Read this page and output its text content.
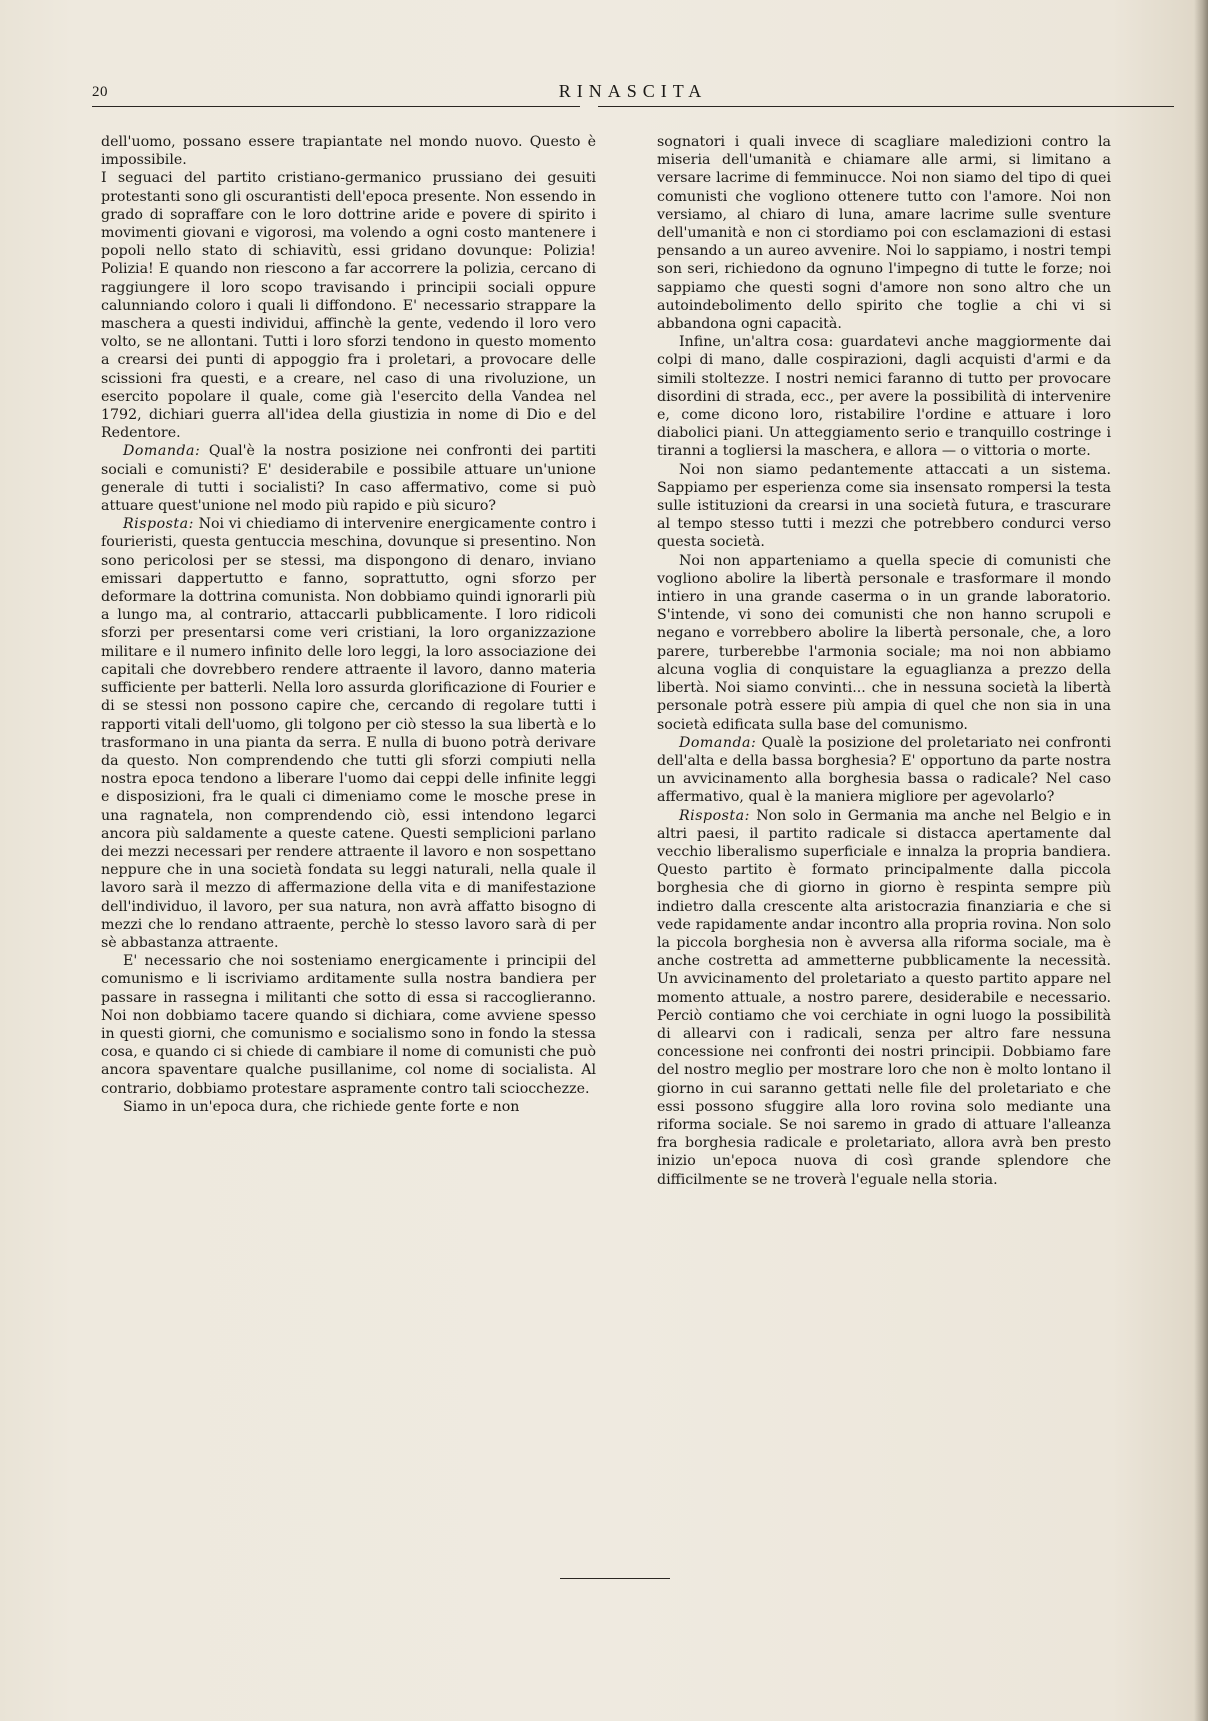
20	RINASCITA

dell'uomo, possano essere trapiantate nel mondo nuovo. Questo è impossibile.

I seguaci del partito cristiano-germanico prussiano dei gesuiti protestanti sono gli oscurantisti dell'epoca presente. Non essendo in grado di sopraffare con le loro dottrine aride e povere di spirito i movimenti giovani e vigorosi, ma volendo a ogni costo mantenere i popoli nello stato di schiavitù, essi gridano dovunque: Polizia! Polizia! E quando non riescono a far accorrere la polizia, cercano di raggiungere il loro scopo travisando i principii sociali oppure calunniando coloro i quali li diffondono. E' necessario strappare la maschera a questi individui, affinchè la gente, vedendo il loro vero volto, se ne allontani. Tutti i loro sforzi tendono in questo momento a crearsi dei punti di appoggio fra i proletari, a provocare delle scissioni fra questi, e a creare, nel caso di una rivoluzione, un esercito popolare il quale, come già l'esercito della Vandea nel 1792, dichiari guerra all'idea della giustizia in nome di Dio e del Redentore.

Domanda: Qual'è la nostra posizione nei confronti dei partiti sociali e comunisti? E' desiderabile e possibile attuare un'unione generale di tutti i socialisti? In caso affermativo, come si può attuare quest'unione nel modo più rapido e più sicuro?

Risposta: Noi vi chiediamo di intervenire energicamente contro i fourieristi, questa gentuccia meschina, dovunque si presentino. Non sono pericolosi per se stessi, ma dispongono di denaro, inviano emissari dappertutto e fanno, soprattutto, ogni sforzo per deformare la dottrina comunista. Non dobbiamo quindi ignorarli più a lungo ma, al contrario, attaccarli pubblicamente. I loro ridicoli sforzi per presentarsi come veri cristiani, la loro organizzazione militare e il numero infinito delle loro leggi, la loro associazione dei capitali che dovrebbero rendere attraente il lavoro, danno materia sufficiente per batterli. Nella loro assurda glorificazione di Fourier e di se stessi non possono capire che, cercando di regolare tutti i rapporti vitali dell'uomo, gli tolgono per ciò stesso la sua libertà e lo trasformano in una pianta da serra. E nulla di buono potrà derivare da questo. Non comprendendo che tutti gli sforzi compiuti nella nostra epoca tendono a liberare l'uomo dai ceppi delle infinite leggi e disposizioni, fra le quali ci dimeniamo come le mosche prese in una ragnatela, non comprendendo ciò, essi intendono legarci ancora più saldamente a queste catene. Questi semplicioni parlano dei mezzi necessari per rendere attraente il lavoro e non sospettano neppure che in una società fondata su leggi naturali, nella quale il lavoro sarà il mezzo di affermazione della vita e di manifestazione dell'individuo, il lavoro, per sua natura, non avrà affatto bisogno di mezzi che lo rendano attraente, perchè lo stesso lavoro sarà di per sè abbastanza attraente.

E' necessario che noi sosteniamo energicamente i principii del comunismo e li iscriviamo arditamente sulla nostra bandiera per passare in rassegna i militanti che sotto di essa si raccoglieranno. Noi non dobbiamo tacere quando si dichiara, come avviene spesso in questi giorni, che comunismo e socialismo sono in fondo la stessa cosa, e quando ci si chiede di cambiare il nome di comunisti che può ancora spaventare qualche pusillanime, col nome di socialista. Al contrario, dobbiamo protestare aspramente contro tali sciocchezze.

Siamo in un'epoca dura, che richiede gente forte e non

sognatori i quali invece di scagliare maledizioni contro la miseria dell'umanità e chiamare alle armi, si limitano a versare lacrime di femminucce. Noi non siamo del tipo di quei comunisti che vogliono ottenere tutto con l'amore. Noi non versiamo, al chiaro di luna, amare lacrime sulle sventure dell'umanità e non ci stordiamo poi con esclamazioni di estasi pensando a un aureo avvenire. Noi lo sappiamo, i nostri tempi son seri, richiedono da ognuno l'impegno di tutte le forze; noi sappiamo che questi sogni d'amore non sono altro che un autoindebolimento dello spirito che toglie a chi vi si abbandona ogni capacità.

Infine, un'altra cosa: guardatevi anche maggiormente dai colpi di mano, dalle cospirazioni, dagli acquisti d'armi e da simili stoltezze. I nostri nemici faranno di tutto per provocare disordini di strada, ecc., per avere la possibilità di intervenire e, come dicono loro, ristabilire l'ordine e attuare i loro diabolici piani. Un atteggiamento serio e tranquillo costringe i tiranni a togliersi la maschera, e allora — o vittoria o morte.

Noi non siamo pedantemente attaccati a un sistema. Sappiamo per esperienza come sia insensato rompersi la testa sulle istituzioni da crearsi in una società futura, e trascurare al tempo stesso tutti i mezzi che potrebbero condurci verso questa società.

Noi non apparteniamo a quella specie di comunisti che vogliono abolire la libertà personale e trasformare il mondo intiero in una grande caserma o in un grande laboratorio. S'intende, vi sono dei comunisti che non hanno scrupoli e negano e vorrebbero abolire la libertà personale, che, a loro parere, turberebbe l'armonia sociale; ma noi non abbiamo alcuna voglia di conquistare la eguaglianza a prezzo della libertà. Noi siamo convinti... che in nessuna società la libertà personale potrà essere più ampia di quel che non sia in una società edificata sulla base del comunismo.

Domanda: Qualè la posizione del proletariato nei confronti dell'alta e della bassa borghesia? E' opportuno da parte nostra un avvicinamento alla borghesia bassa o radicale? Nel caso affermativo, qual è la maniera migliore per agevolarlo?

Risposta: Non solo in Germania ma anche nel Belgio e in altri paesi, il partito radicale si distacca apertamente dal vecchio liberalismo superficiale e innalza la propria bandiera. Questo partito è formato principalmente dalla piccola borghesia che di giorno in giorno è respinta sempre più indietro dalla crescente alta aristocrazia finanziaria e che si vede rapidamente andar incontro alla propria rovina. Non solo la piccola borghesia non è avversa alla riforma sociale, ma è anche costretta ad ammetterne pubblicamente la necessità. Un avvicinamento del proletariato a questo partito appare nel momento attuale, a nostro parere, desiderabile e necessario. Perciò contiamo che voi cerchiate in ogni luogo la possibilità di allearvi con i radicali, senza per altro fare nessuna concessione nei confronti dei nostri principii. Dobbiamo fare del nostro meglio per mostrare loro che non è molto lontano il giorno in cui saranno gettati nelle file del proletariato e che essi possono sfuggire alla loro rovina solo mediante una riforma sociale. Se noi saremo in grado di attuare l'alleanza fra borghesia radicale e proletariato, allora avrà ben presto inizio un'epoca nuova di così grande splendore che difficilmente se ne troverà l'eguale nella storia.
